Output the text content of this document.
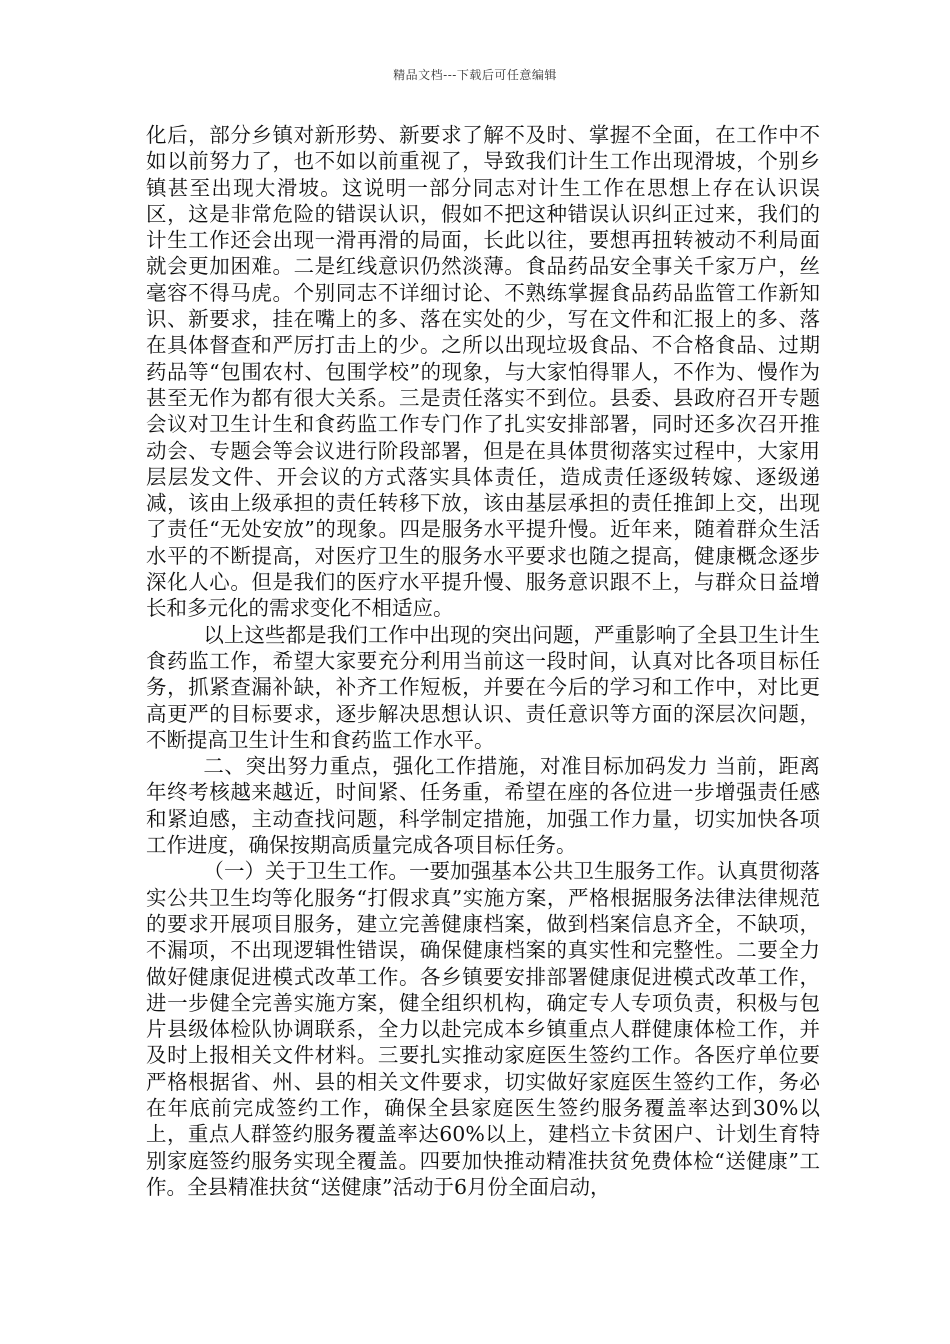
精品文档---下载后可任意编辑

化后，部分乡镇对新形势、新要求了解不及时、掌握不全面，在工作中不如以前努力了，也不如以前重视了，导致我们计生工作出现滑坡，个别乡镇甚至出现大滑坡。这说明一部分同志对计生工作在思想上存在认识误区，这是非常危险的错误认识，假如不把这种错误认识纠正过来，我们的计生工作还会出现一滑再滑的局面，长此以往，要想再扭转被动不利局面就会更加困难。二是红线意识仍然淡薄。食品药品安全事关千家万户，丝毫容不得马虎。个别同志不详细讨论、不熟练掌握食品药品监管工作新知识、新要求，挂在嘴上的多、落在实处的少，写在文件和汇报上的多、落在具体督查和严厉打击上的少。之所以出现垃圾食品、不合格食品、过期药品等“包围农村、包围学校”的现象，与大家怕得罪人，不作为、慢作为甚至无作为都有很大关系。三是责任落实不到位。县委、县政府召开专题会议对卫生计生和食药监工作专门作了扎实安排部署，同时还多次召开推动会、专题会等会议进行阶段部署，但是在具体贯彻落实过程中，大家用层层发文件、开会议的方式落实具体责任，造成责任逐级转嫁、逐级递减，该由上级承担的责任转移下放，该由基层承担的责任推卸上交，出现了责任“无处安放”的现象。四是服务水平提升慢。近年来，随着群众生活水平的不断提高，对医疗卫生的服务水平要求也随之提高，健康概念逐步深化人心。但是我们的医疗水平提升慢、服务意识跟不上，与群众日益增长和多元化的需求变化不相适应。

以上这些都是我们工作中出现的突出问题，严重影响了全县卫生计生食药监工作，希望大家要充分利用当前这一段时间，认真对比各项目标任务，抓紧查漏补缺，补齐工作短板，并要在今后的学习和工作中，对比更高更严的目标要求，逐步解决思想认识、责任意识等方面的深层次问题，不断提高卫生计生和食药监工作水平。

二、突出努力重点，强化工作措施，对准目标加码发力 当前，距离年终考核越来越近，时间紧、任务重，希望在座的各位进一步增强责任感和紧迫感，主动查找问题，科学制定措施，加强工作力量，切实加快各项工作进度，确保按期高质量完成各项目标任务。

（一）关于卫生工作。一要加强基本公共卫生服务工作。认真贯彻落实公共卫生均等化服务“打假求真”实施方案，严格根据服务法律法律规范的要求开展项目服务，建立完善健康档案，做到档案信息齐全，不缺项，不漏项，不出现逻辑性错误，确保健康档案的真实性和完整性。二要全力做好健康促进模式改革工作。各乡镇要安排部署健康促进模式改革工作，进一步健全完善实施方案，健全组织机构，确定专人专项负责，积极与包片县级体检队协调联系，全力以赴完成本乡镇重点人群健康体检工作，并及时上报相关文件材料。三要扎实推动家庭医生签约工作。各医疗单位要严格根据省、州、县的相关文件要求，切实做好家庭医生签约工作，务必在年底前完成签约工作，确保全县家庭医生签约服务覆盖率达到30%以上，重点人群签约服务覆盖率达60%以上，建档立卡贫困户、计划生育特别家庭签约服务实现全覆盖。四要加快推动精准扶贫免费体检“送健康”工作。全县精准扶贫“送健康”活动于6月份全面启动，
